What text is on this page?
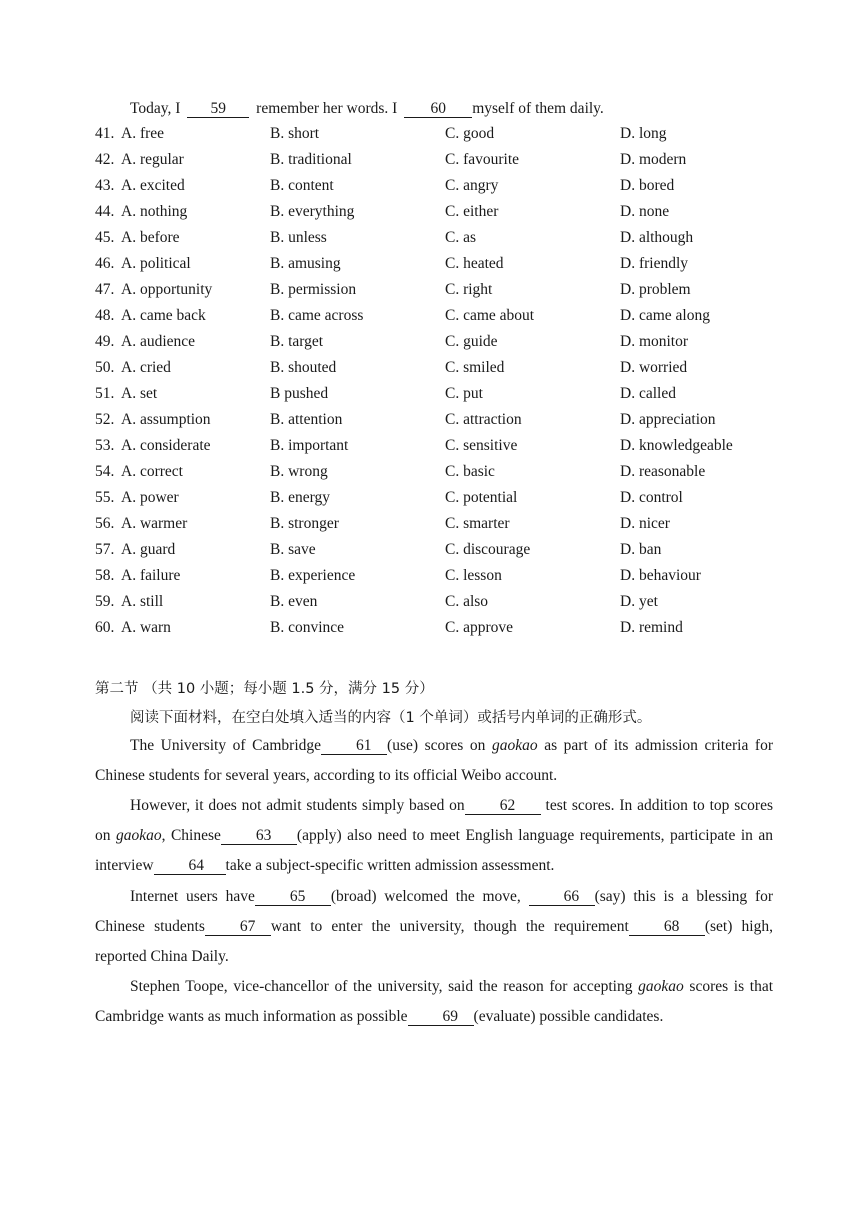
Today, I 59 remember her words. I 60 myself of them daily.
41. A. free	B. short	C. good	D. long
42. A. regular	B. traditional	C. favourite	D. modern
43. A. excited	B. content	C. angry	D. bored
44. A. nothing	B. everything	C. either	D. none
45. A. before	B. unless	C. as	D. although
46. A. political	B. amusing	C. heated	D. friendly
47. A. opportunity	B. permission	C. right	D. problem
48. A. came back	B. came across	C. came about	D. came along
49. A. audience	B. target	C. guide	D. monitor
50. A. cried	B. shouted	C. smiled	D. worried
51. A. set	B pushed	C. put	D. called
52. A. assumption	B. attention	C. attraction	D. appreciation
53. A. considerate	B. important	C. sensitive	D. knowledgeable
54. A. correct	B. wrong	C. basic	D. reasonable
55. A. power	B. energy	C. potential	D. control
56. A. warmer	B. stronger	C. smarter	D. nicer
57. A. guard	B. save	C. discourage	D. ban
58. A. failure	B. experience	C. lesson	D. behaviour
59. A. still	B. even	C. also	D. yet
60. A. warn	B. convince	C. approve	D. remind
第二节 （共 10 小题；每小题 1.5 分，满分 15 分）
阅读下面材料，在空白处填入适当的内容（1 个单词）或括号内单词的正确形式。
The University of Cambridge 61 (use) scores on gaokao as part of its admission criteria for Chinese students for several years, according to its official Weibo account.
However, it does not admit students simply based on 62 test scores. In addition to top scores on gaokao, Chinese 63 (apply) also need to meet English language requirements, participate in an interview 64 take a subject-specific written admission assessment.
Internet users have 65 (broad) welcomed the move,	66 (say) this is a blessing for Chinese students 67 want to enter the university, though the requirement 68 (set) high, reported China Daily.
Stephen Toope, vice-chancellor of the university, said the reason for accepting gaokao scores is that Cambridge wants as much information as possible 69 (evaluate) possible candidates.
